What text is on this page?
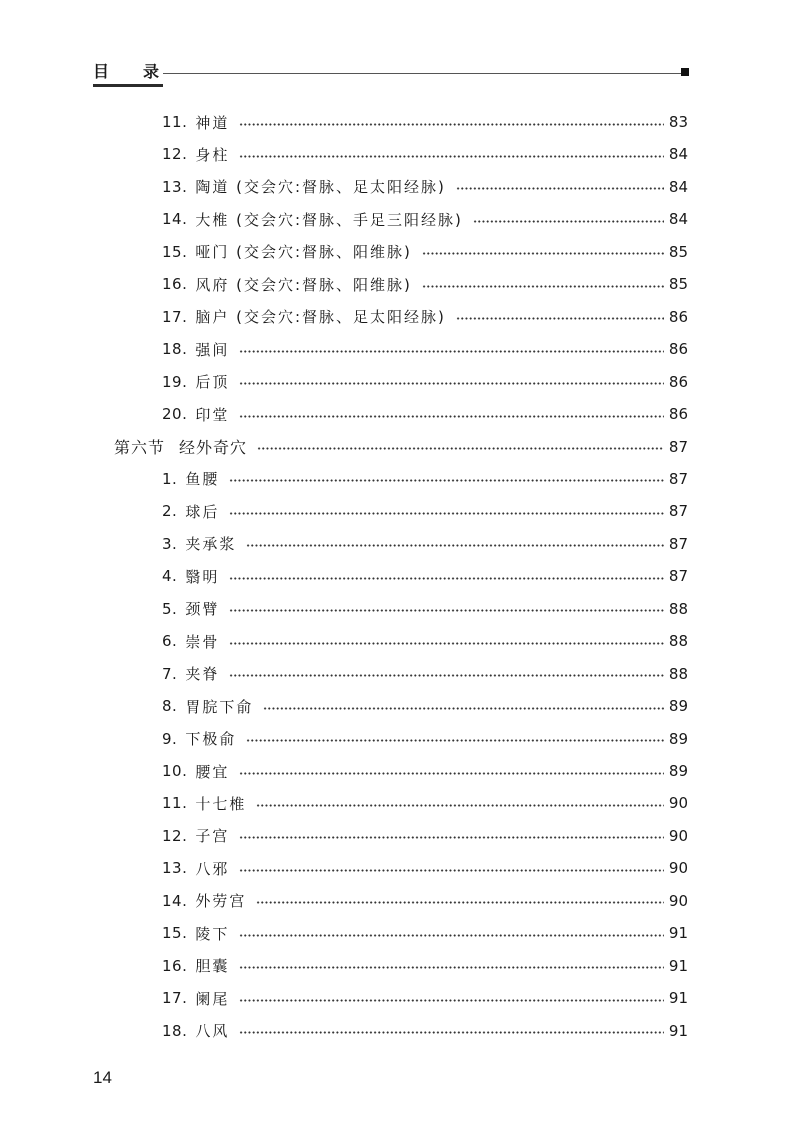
目 录
11. 神道	83
12. 身柱	84
13. 陶道 (交会穴:督脉、足太阳经脉)	84
14. 大椎 (交会穴:督脉、手足三阳经脉)	84
15. 哑门 (交会穴:督脉、阳维脉)	85
16. 风府 (交会穴:督脉、阳维脉)	85
17. 脑户 (交会穴:督脉、足太阳经脉)	86
18. 强间	86
19. 后顶	86
20. 印堂	86
第六节 经外奇穴	87
1. 鱼腰	87
2. 球后	87
3. 夹承浆	87
4. 翳明	87
5. 颈臂	88
6. 崇骨	88
7. 夹脊	88
8. 胃脘下俞	89
9. 下极俞	89
10. 腰宜	89
11. 十七椎	90
12. 子宫	90
13. 八邪	90
14. 外劳宫	90
15. 陵下	91
16. 胆囊	91
17. 阑尾	91
18. 八风	91
14
